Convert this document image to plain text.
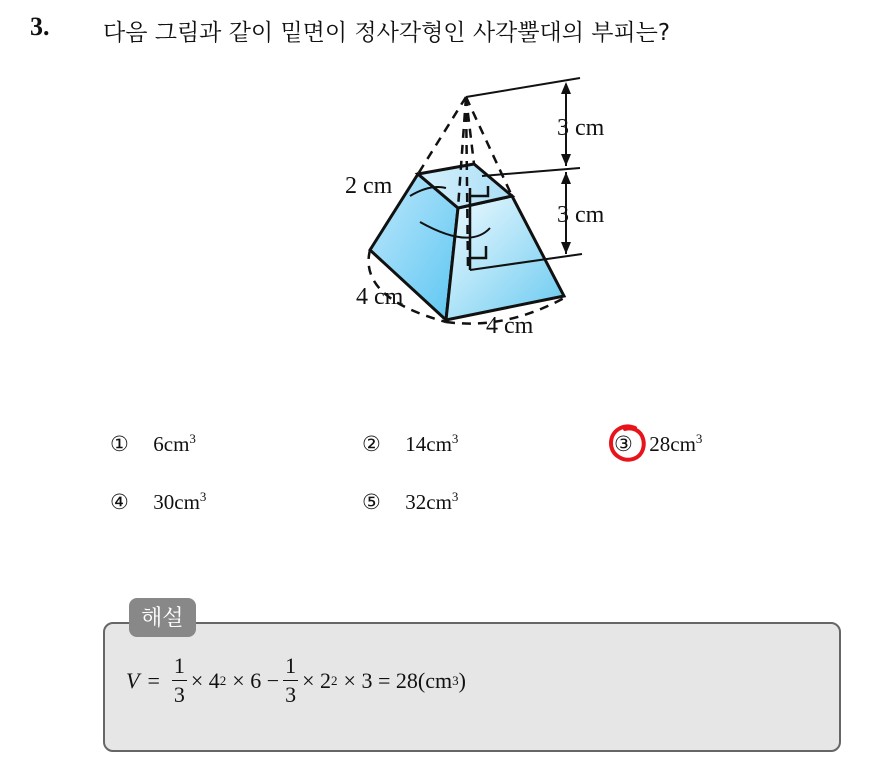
3. 다음 그림과 같이 밑면이 정사각형인 사각뿔대의 부피는?
3 cm
3 cm
2 cm
4 cm
4 cm
① $6cm^3$	② $14cm^3$	③ $28cm^3$
④ $30cm^3$	⑤ $32cm^3$
해설
$V = \frac{1}{3} \times 4$ $2 \times 6 - \frac{1}{3} \times 2$ 2 × 3 = 28(cm 3 )
